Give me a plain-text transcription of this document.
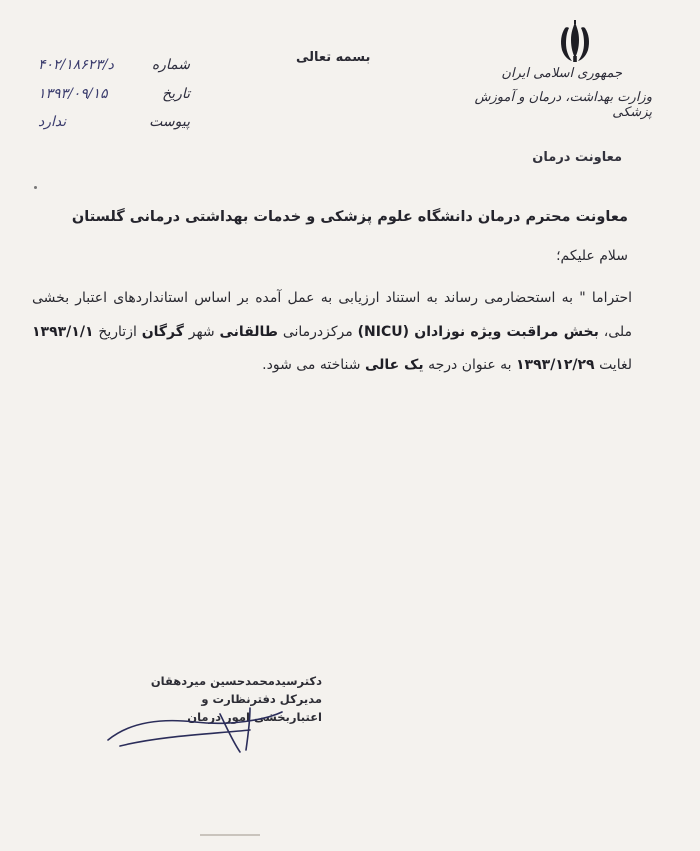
جمهوری اسلامی ایران
وزارت بهداشت، درمان و آموزش پزشکی
معاونت درمان
بسمه تعالی
شماره
۴۰۲/۱۸۶۲۳/د
تاریخ
۱۳۹۳/۰۹/۱۵
پیوست
ندارد
معاونت محترم درمان دانشگاه علوم پزشکی و خدمات بهداشتی درمانی گلستان
سلام علیکم؛
احتراما " به استحضارمی رساند به استناد ارزیابی به عمل آمده بر اساس استانداردهای اعتبار بخشی ملی، بخش مراقبت ویژه نوزادان (NICU) مرکزدرمانی طالقانی شهر گرگان ازتاریخ ۱۳۹۳/۱/۱ لغایت ۱۳۹۳/۱۲/۲۹ به عنوان درجه یک عالی شناخته می شود.
دکترسیدمحمدحسین میردهقان
مدیرکل دفترنظارت و
اعتباربخشی امور درمان
